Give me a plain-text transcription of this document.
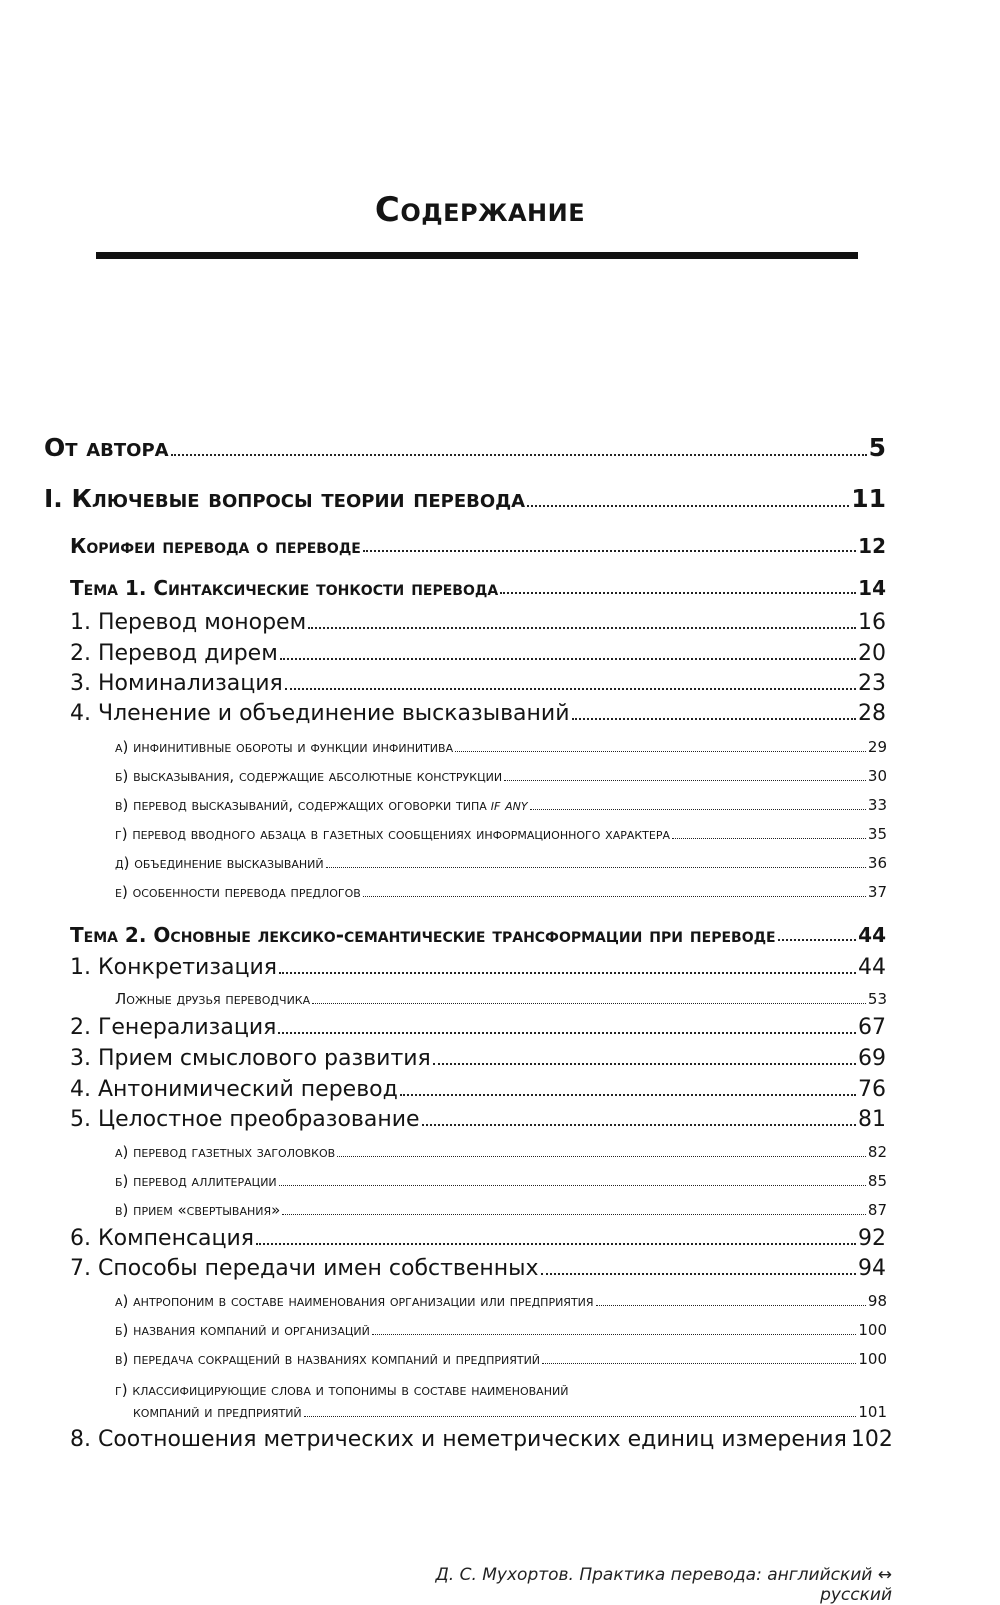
Содержание
От автора	5
I. Ключевые вопросы теории перевода	11
Корифеи перевода о переводе	12
Тема 1. Синтаксические тонкости перевода	14
1. Перевод монорем	16
2. Перевод дирем	20
3. Номинализация	23
4. Членение и объединение высказываний	28
а) инфинитивные обороты и функции инфинитива	29
б) высказывания, содержащие абсолютные конструкции	30
в) перевод высказываний, содержащих оговорки типа if any	33
г) перевод вводного абзаца в газетных сообщениях информационного характера	35
д) объединение высказываний	36
е) особенности перевода предлогов	37
Тема 2. Основные лексико-семантические трансформации при переводе	44
1. Конкретизация	44
Ложные друзья переводчика	53
2. Генерализация	67
3. Прием смыслового развития	69
4. Антонимический перевод	76
5. Целостное преобразование	81
а) перевод газетных заголовков	82
б) перевод аллитерации	85
в) прием «свертывания»	87
6. Компенсация	92
7. Способы передачи имен собственных	94
а) антропоним в составе наименования организации или предприятия	98
б) названия компаний и организаций	100
в) передача сокращений в названиях компаний и предприятий	100
г) классифицирующие слова и топонимы в составе наименований
компаний и предприятий	101
8. Соотношения метрических и неметрических единиц измерения 102
Д. С. Мухортов. Практика перевода: английский ↔ русский
